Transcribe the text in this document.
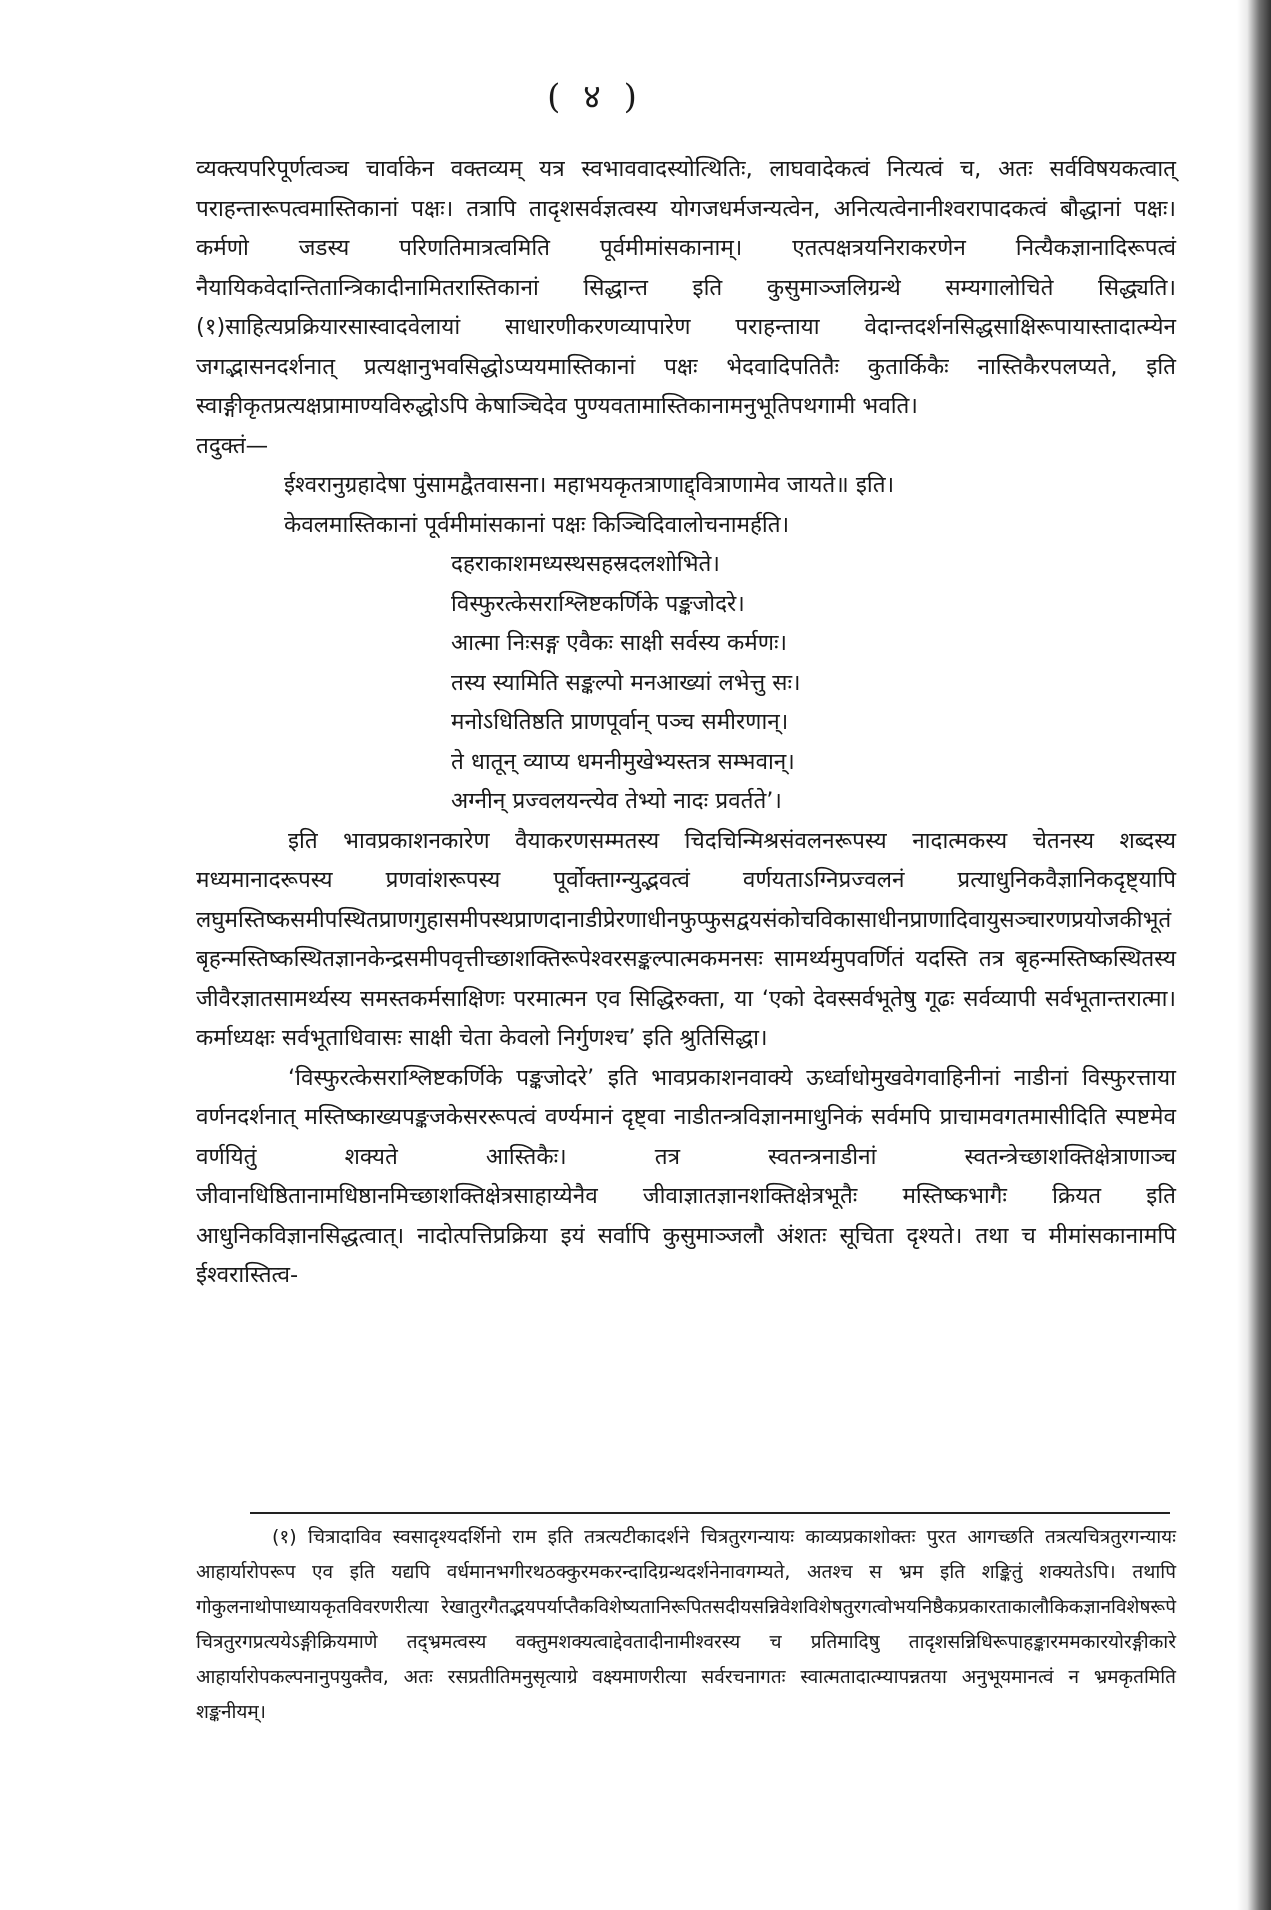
( ४ )

व्यक्त्यपरिपूर्णत्वञ्च चार्वाकेन वक्तव्यम् यत्र स्वभाववादस्योत्थितिः, लाघवादेकत्वं नित्यत्वं च, अतः सर्वविषयकत्वात् पराहन्तारूपत्वमास्तिकानां पक्षः। तत्रापि तादृशसर्वज्ञत्वस्य योगजधर्मजन्यत्वेन, अनित्यत्वेनानीश्वरापादकत्वं बौद्धानां पक्षः। कर्मणो जडस्य परिणतिमात्रत्वमिति पूर्वमीमांसकानाम्। एतत्पक्षत्रयनिराकरणेन नित्यैकज्ञानादिरूपत्वं नैयायिकवेदान्तितान्त्रिकादीनामितरास्तिकानां सिद्धान्त इति कुसुमाञ्जलिग्रन्थे सम्यगालोचिते सिद्ध्यति। (१)साहित्यप्रक्रियारसास्वादवेलायां साधारणीकरणव्यापारेण पराहन्ताया वेदान्तदर्शनसिद्धसाक्षिरूपायास्तादात्म्येन जगद्भासनदर्शनात् प्रत्यक्षानुभवसिद्धोऽप्ययमास्तिकानां पक्षः भेदवादिपतितैः कुतार्किकैः नास्तिकैरपलप्यते, इति स्वाङ्गीकृतप्रत्यक्षप्रामाण्यविरुद्धोऽपि केषाञ्चिदेव पुण्यवतामास्तिकानामनुभूतिपथगामी भवति।

तदुक्तं—

ईश्वरानुग्रहादेषा पुंसामद्वैतवासना। महाभयकृतत्राणाद्द्वित्राणामेव जायते॥ इति।

केवलमास्तिकानां पूर्वमीमांसकानां पक्षः किञ्चिदिवालोचनामर्हति।

दहराकाशमध्यस्थसहस्रदलशोभिते।

विस्फुरत्केसराश्लिष्टकर्णिके पङ्कजोदरे।

आत्मा निःसङ्ग एवैकः साक्षी सर्वस्य कर्मणः।

तस्य स्यामिति सङ्कल्पो मनआख्यां लभेत्तु सः।

मनोऽधितिष्ठति प्राणपूर्वान् पञ्च समीरणान्।

ते धातून् व्याप्य धमनीमुखेभ्यस्तत्र सम्भवान्।

अग्नीन् प्रज्वलयन्त्येव तेभ्यो नादः प्रवर्तते’।

इति भावप्रकाशनकारेण वैयाकरणसम्मतस्य चिदचिन्मिश्रसंवलनरूपस्य नादात्मकस्य चेतनस्य शब्दस्य मध्यमानादरूपस्य प्रणवांशरूपस्य पूर्वोक्ताग्न्युद्भवत्वं वर्णयताऽग्निप्रज्वलनं प्रत्याधुनिकवैज्ञानिकदृष्ट्यापि लघुमस्तिष्कसमीपस्थितप्राणगुहासमीपस्थप्राणदानाडीप्रेरणाधीनफुप्फुसद्वयसंकोचविकासाधीनप्राणादिवायुसञ्चारणप्रयोजकीभूतं बृहन्मस्तिष्कस्थितज्ञानकेन्द्रसमीपवृत्तीच्छाशक्तिरूपेश्वरसङ्कल्पात्मकमनसः सामर्थ्यमुपवर्णितं यदस्ति तत्र बृहन्मस्तिष्कस्थितस्य जीवैरज्ञातसामर्थ्यस्य समस्तकर्मसाक्षिणः परमात्मन एव सिद्धिरुक्ता, या ‘एको देवस्सर्वभूतेषु गूढः सर्वव्यापी सर्वभूतान्तरात्मा। कर्माध्यक्षः सर्वभूताधिवासः साक्षी चेता केवलो निर्गुणश्च’ इति श्रुतिसिद्धा।

‘विस्फुरत्केसराश्लिष्टकर्णिके पङ्कजोदरे’ इति भावप्रकाशनवाक्ये ऊर्ध्वाधोमुखवेगवाहिनीनां नाडीनां विस्फुरत्ताया वर्णनदर्शनात् मस्तिष्काख्यपङ्कजकेसररूपत्वं वर्ण्यमानं दृष्ट्वा नाडीतन्त्रविज्ञानमाधुनिकं सर्वमपि प्राचामवगतमासीदिति स्पष्टमेव वर्णयितुं शक्यते आस्तिकैः। तत्र स्वतन्त्रनाडीनां स्वतन्त्रेच्छाशक्तिक्षेत्राणाञ्च जीवानधिष्ठितानामधिष्ठानमिच्छाशक्तिक्षेत्रसाहाय्येनैव जीवाज्ञातज्ञानशक्तिक्षेत्रभूतैः मस्तिष्कभागैः क्रियत इति आधुनिकविज्ञानसिद्धत्वात्। नादोत्पत्तिप्रक्रिया इयं सर्वापि कुसुमाञ्जलौ अंशतः सूचिता दृश्यते। तथा च मीमांसकानामपि ईश्वरास्तित्व-

(१) चित्रादाविव स्वसादृश्यदर्शिनो राम इति तत्रत्यटीकादर्शने चित्रतुरगन्यायः काव्यप्रकाशोक्तः पुरत आगच्छति तत्रत्यचित्रतुरगन्यायः आहार्यारोपरूप एव इति यद्यपि वर्धमानभगीरथठक्कुरमकरन्दादिग्रन्थदर्शनेनावगम्यते, अतश्च स भ्रम इति शङ्कितुं शक्यतेऽपि। तथापि गोकुलनाथोपाध्यायकृतविवरणरीत्या रेखातुरगैतद्भयपर्याप्तैकविशेष्यतानिरूपितसदीयसन्निवेशविशेषतुरगत्वोभयनिष्ठैकप्रकारताकालौकिकज्ञानविशेषरूपे चित्रतुरगप्रत्ययेऽङ्गीक्रियमाणे तद्भ्रमत्वस्य वक्तुमशक्यत्वाद्देवतादीनामीश्वरस्य च प्रतिमादिषु तादृशसन्निधिरूपाहङ्कारममकारयोरङ्गीकारे आहार्यारोपकल्पनानुपयुक्तैव, अतः रसप्रतीतिमनुसृत्याग्रे वक्ष्यमाणरीत्या सर्वरचनागतः स्वात्मतादात्म्यापन्नतया अनुभूयमानत्वं न भ्रमकृतमिति शङ्कनीयम्।
